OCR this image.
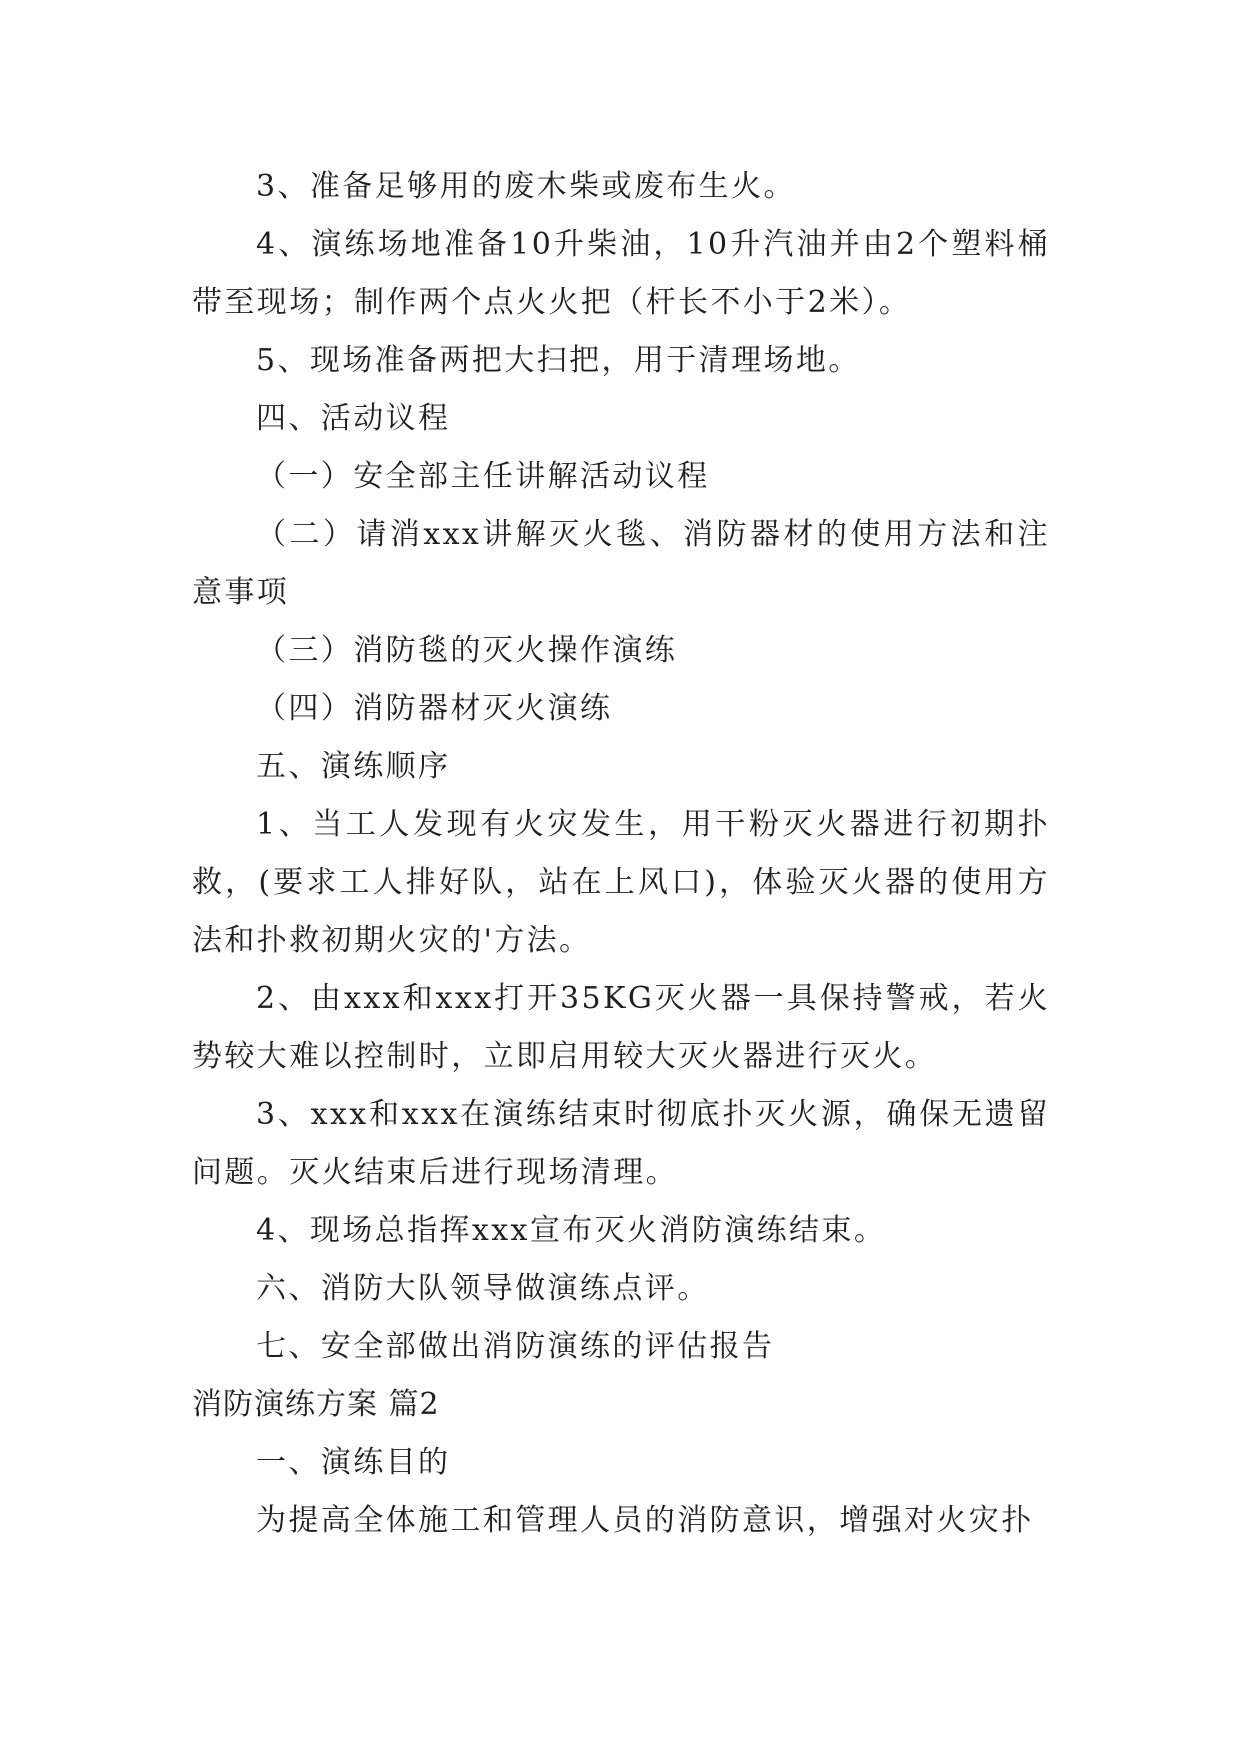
3、准备足够用的废木柴或废布生火。

4、演练场地准备10升柴油，10升汽油并由2个塑料桶带至现场；制作两个点火火把（杆长不小于2米）。

5、现场准备两把大扫把，用于清理场地。

四、活动议程

（一）安全部主任讲解活动议程

（二）请消xxx讲解灭火毯、消防器材的使用方法和注意事项

（三）消防毯的灭火操作演练

（四）消防器材灭火演练

五、演练顺序

1、当工人发现有火灾发生，用干粉灭火器进行初期扑救，(要求工人排好队，站在上风口)，体验灭火器的使用方法和扑救初期火灾的'方法。

2、由xxx和xxx打开35KG灭火器一具保持警戒，若火势较大难以控制时，立即启用较大灭火器进行灭火。

3、xxx和xxx在演练结束时彻底扑灭火源，确保无遗留问题。灭火结束后进行现场清理。

4、现场总指挥xxx宣布灭火消防演练结束。

六、消防大队领导做演练点评。

七、安全部做出消防演练的评估报告

消防演练方案 篇2

一、演练目的

为提高全体施工和管理人员的消防意识，增强对火灾扑
